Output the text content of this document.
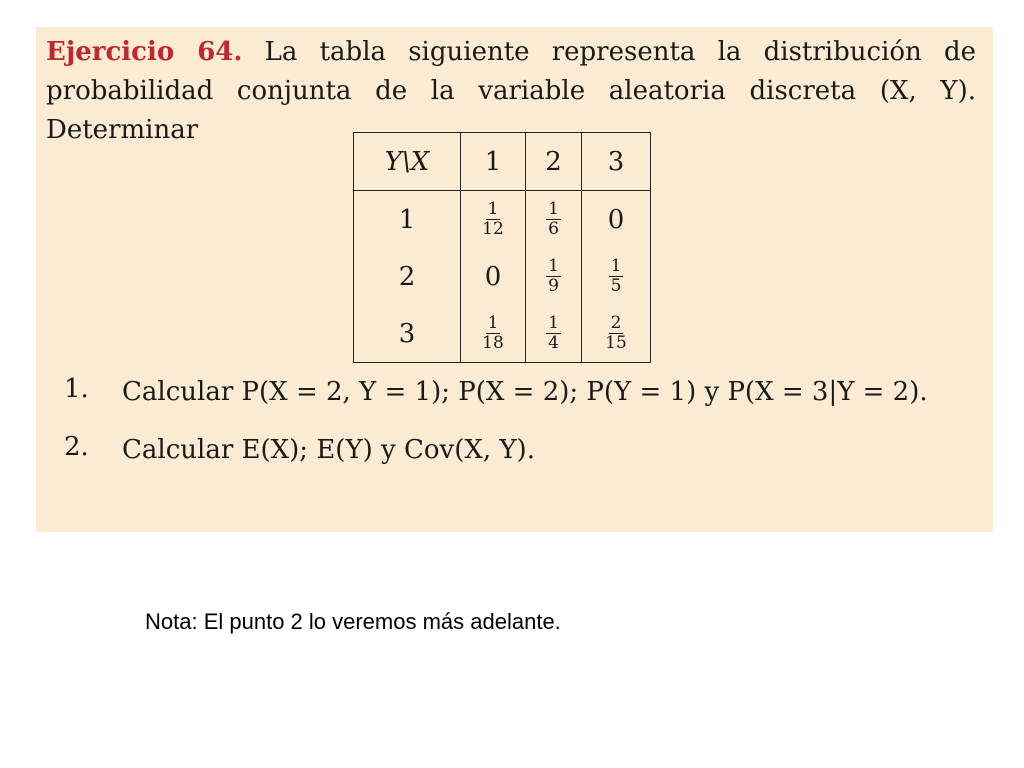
Ejercicio 64. La tabla siguiente representa la distribución de probabilidad conjunta de la variable aleatoria discreta (X, Y). Determinar
Y\X	1	2	3
1	$\frac{1}{12}$	$\frac{1}{6}$	0
2	0	$\frac{1}{9}$	$\frac{1}{5}$

3	$\frac{1}{18}$	$\frac{1}{4}$	$\frac{2}{15}$
1.	Calcular P(X = 2, Y = 1); P(X = 2); P(Y = 1) y P(X = 3|Y = 2).
2.	Calcular E(X); E(Y) y Cov(X, Y).
Nota: El punto 2 lo veremos más adelante.
